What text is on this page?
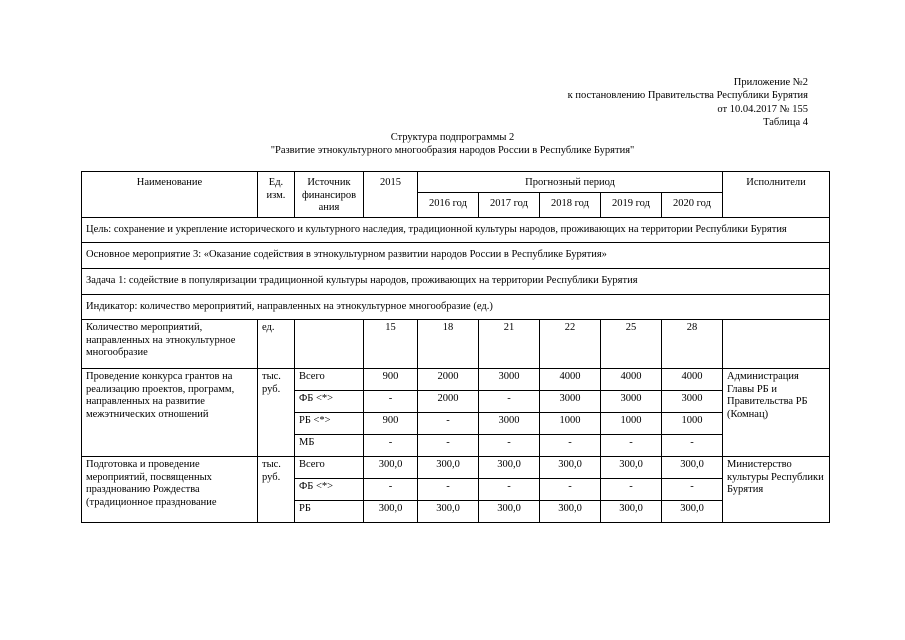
Приложение №2
к постановлению Правительства Республики Бурятия
от 10.04.2017 № 155
Таблица 4
Структура подпрограммы 2
"Развитие этнокультурного многообразия народов России в Республике Бурятия"
Наименование	Ед. изм.	Источник финансиров ания	2015	Прогнозный период					Исполнители
				2016 год	2017 год	2018 год	2019 год	2020 год	
Цель: сохранение и укрепление исторического и культурного наследия, традиционной культуры народов, проживающих на территории Республики Бурятия									
Основное мероприятие 3: «Оказание содействия в этнокультурном развитии народов России в Республике Бурятия»									
Задача 1: содействие в популяризации традиционной культуры народов, проживающих на территории Республики Бурятия									
Индикатор: количество мероприятий, направленных на этнокультурное многообразие (ед.)									
Количество мероприятий, направленных на этнокультурное многообразие	ед.		15	18	21	22	25	28	
Проведение конкурса грантов на реализацию проектов, программ, направленных на развитие межэтнических отношений	тыс. руб.	Всего	900	2000	3000	4000	4000	4000	Администрация Главы РБ и Правительства РБ (Комнац)
		ФБ <*>	-	2000	-	3000	3000	3000	
		РБ <*>	900	-	3000	1000	1000	1000	
		МБ	-	-	-	-	-	-	
Подготовка и проведение мероприятий, посвященных празднованию Рождества (традиционное празднование	тыс. руб.	Всего	300,0	300,0	300,0	300,0	300,0	300,0	Министерство культуры Республики Бурятия
		ФБ <*>	-	-	-	-	-	-	
		РБ	300,0	300,0	300,0	300,0	300,0	300,0	
